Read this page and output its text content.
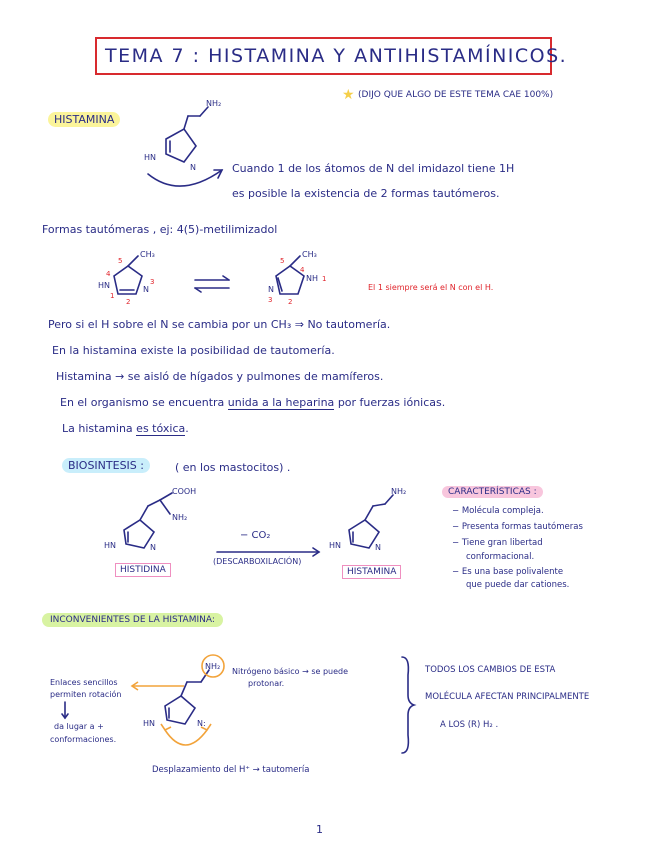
TEMA 7 : HISTAMINA Y ANTIHISTAMÍNICOS.
★ (DIJO QUE ALGO DE ESTE TEMA CAE 100%)
HISTAMINA
HN
N
NH₂
Cuando 1 de los átomos de N del imidazol tiene 1H
es posible la existencia de 2 formas tautómeros.
Formas tautómeras , ej: 4(5)-metilimizadol
HN	N
CH₃
4
5
1
2
3
N
NH
CH₃
5
4
1
3 2
El 1 siempre será el N con el H.
Pero si el H sobre el N se cambia por un CH₃ ⇒ No tautomería.
En la histamina existe la posibilidad de tautomería.
Histamina → se aisló de hígados y pulmones de mamíferos.
En el organismo se encuentra unida a la heparina por fuerzas iónicas.
La histamina es tóxica.
BIOSINTESIS :	( en los mastocitos) .
HN	N
COOH
NH₂
HISTIDINA
− CO₂
(DESCARBOXILACIÓN)
HN	N
NH₂
HISTAMINA
CARACTERÍSTICAS :
− Molécula compleja.
− Presenta formas tautómeras
− Tiene gran libertad
conformacional.
− Es una base polivalente
que puede dar cationes.
INCONVENIENTES DE LA HISTAMINA:
Enlaces sencillos
permiten rotación
da lugar a +
conformaciones.
NH₂
HN	N:
Nitrógeno básico → se puede
protonar.
Desplazamiento del H⁺ → tautomería
TODOS LOS CAMBIOS DE ESTA
MOLÉCULA AFECTAN PRINCIPALMENTE
A LOS (R) H₂ .
1
